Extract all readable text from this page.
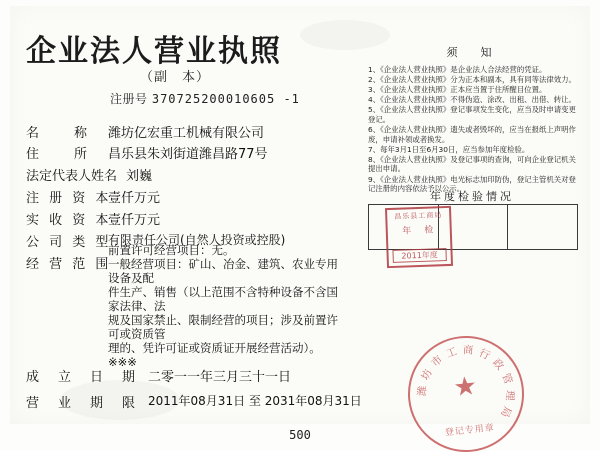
企业法人营业执照
（副　本）
注册号 370725200010605 -1
名　　称 潍坊亿宏重工机械有限公司
住　　所 昌乐县朱刘街道潍昌路77号
法定代表人姓名 刘巍
注 册 资 本
壹仟万元
实 收 资 本
壹仟万元
公 司 类 型
有限责任公司(自然人投资或控股)
经 营 范 围
前置许可经营项目：无。
一般经营项目：矿山、冶金、建筑、农业专用设备及配
件生产、销售（以上范围不含特种设备不含国家法律、法
规及国家禁止、限制经营的项目；涉及前置许可或资质管
理的、凭许可证或资质证开展经营活动）。※※※
须　知
1、《企业法人营业执照》是企业法人合法经营的凭证。
2、《企业法人营业执照》分为正本和副本，具有同等法律效力。
3、《企业法人营业执照》正本应当置于住所醒目位置。
4、《企业法人营业执照》不得伪造、涂改、出租、出借、转让。
5、《企业法人营业执照》登记事项发生变化，应当及时申请变更登记。
6、《企业法人营业执照》遗失或者毁坏的，应当在报纸上声明作废，申请补领或者换发。
7、每年3月1日至6月30日，应当参加年度检验。
8、《企业法人营业执照》及登记事项的查询，可向企业登记机关提出申请。
9、《企业法人营业执照》电光标志加印防伪，登记主管机关对登记注册的内容依法予以公示。
年度检验情况
昌乐县工商局
年　检
2011年度
成　立　日　期 二零一一年三月三十一日
营　业　期　限 2011年08月31日 至 2031年08月31日	★
潍
坊
市
工 商 行
政
管
理
局
登记专用章
500
